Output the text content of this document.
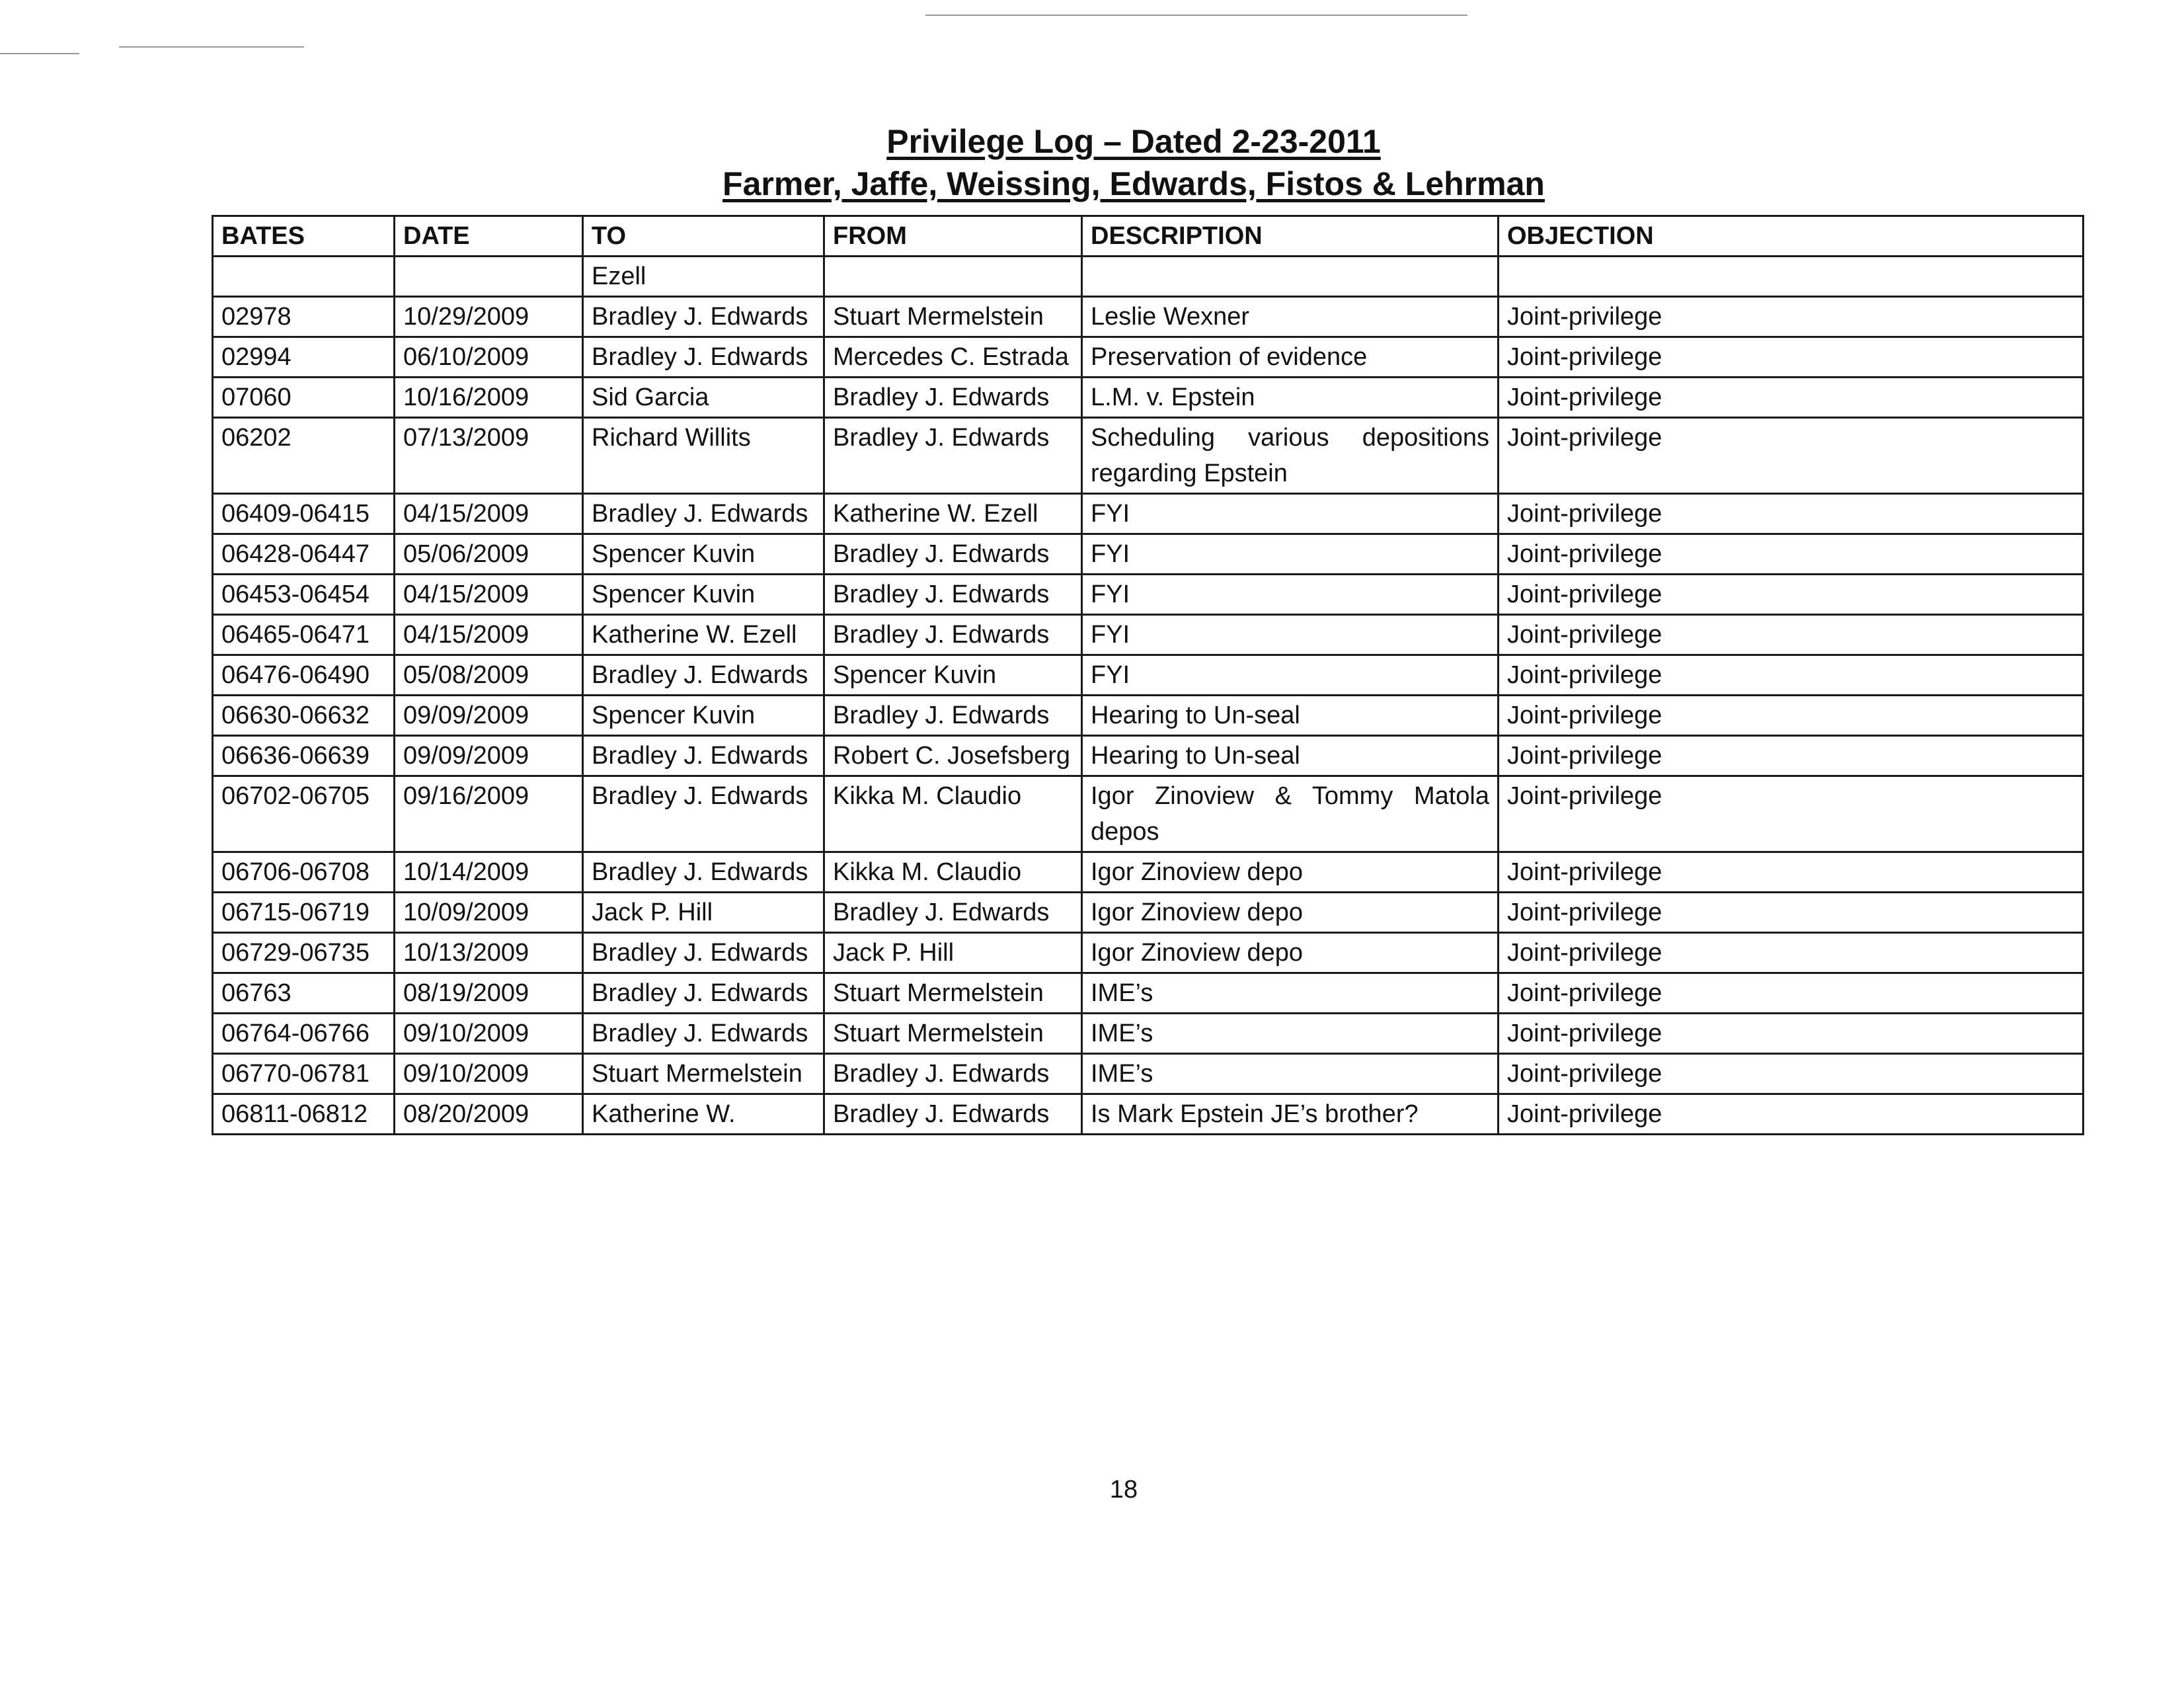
Privilege Log – Dated 2-23-2011

Farmer, Jaffe, Weissing, Edwards, Fistos & Lehrman

BATES	DATE	TO	FROM	DESCRIPTION	OBJECTION
		Ezell			
02978	10/29/2009	Bradley J. Edwards	Stuart Mermelstein	Leslie Wexner	Joint-privilege
02994	06/10/2009	Bradley J. Edwards	Mercedes C. Estrada	Preservation of evidence	Joint-privilege
07060	10/16/2009	Sid Garcia	Bradley J. Edwards	L.M. v. Epstein	Joint-privilege
06202	07/13/2009	Richard Willits	Bradley J. Edwards	Scheduling various depositions regarding Epstein	Joint-privilege
06409-06415	04/15/2009	Bradley J. Edwards	Katherine W. Ezell	FYI	Joint-privilege
06428-06447	05/06/2009	Spencer Kuvin	Bradley J. Edwards	FYI	Joint-privilege
06453-06454	04/15/2009	Spencer Kuvin	Bradley J. Edwards	FYI	Joint-privilege
06465-06471	04/15/2009	Katherine W. Ezell	Bradley J. Edwards	FYI	Joint-privilege
06476-06490	05/08/2009	Bradley J. Edwards	Spencer Kuvin	FYI	Joint-privilege
06630-06632	09/09/2009	Spencer Kuvin	Bradley J. Edwards	Hearing to Un-seal	Joint-privilege
06636-06639	09/09/2009	Bradley J. Edwards	Robert C. Josefsberg	Hearing to Un-seal	Joint-privilege
06702-06705	09/16/2009	Bradley J. Edwards	Kikka M. Claudio	Igor Zinoview & Tommy Matola depos	Joint-privilege
06706-06708	10/14/2009	Bradley J. Edwards	Kikka M. Claudio	Igor Zinoview depo	Joint-privilege
06715-06719	10/09/2009	Jack P. Hill	Bradley J. Edwards	Igor Zinoview depo	Joint-privilege
06729-06735	10/13/2009	Bradley J. Edwards	Jack P. Hill	Igor Zinoview depo	Joint-privilege
06763	08/19/2009	Bradley J. Edwards	Stuart Mermelstein	IME’s	Joint-privilege
06764-06766	09/10/2009	Bradley J. Edwards	Stuart Mermelstein	IME’s	Joint-privilege
06770-06781	09/10/2009	Stuart Mermelstein	Bradley J. Edwards	IME’s	Joint-privilege
06811-06812	08/20/2009	Katherine W.	Bradley J. Edwards	Is Mark Epstein JE’s brother?	Joint-privilege
18
